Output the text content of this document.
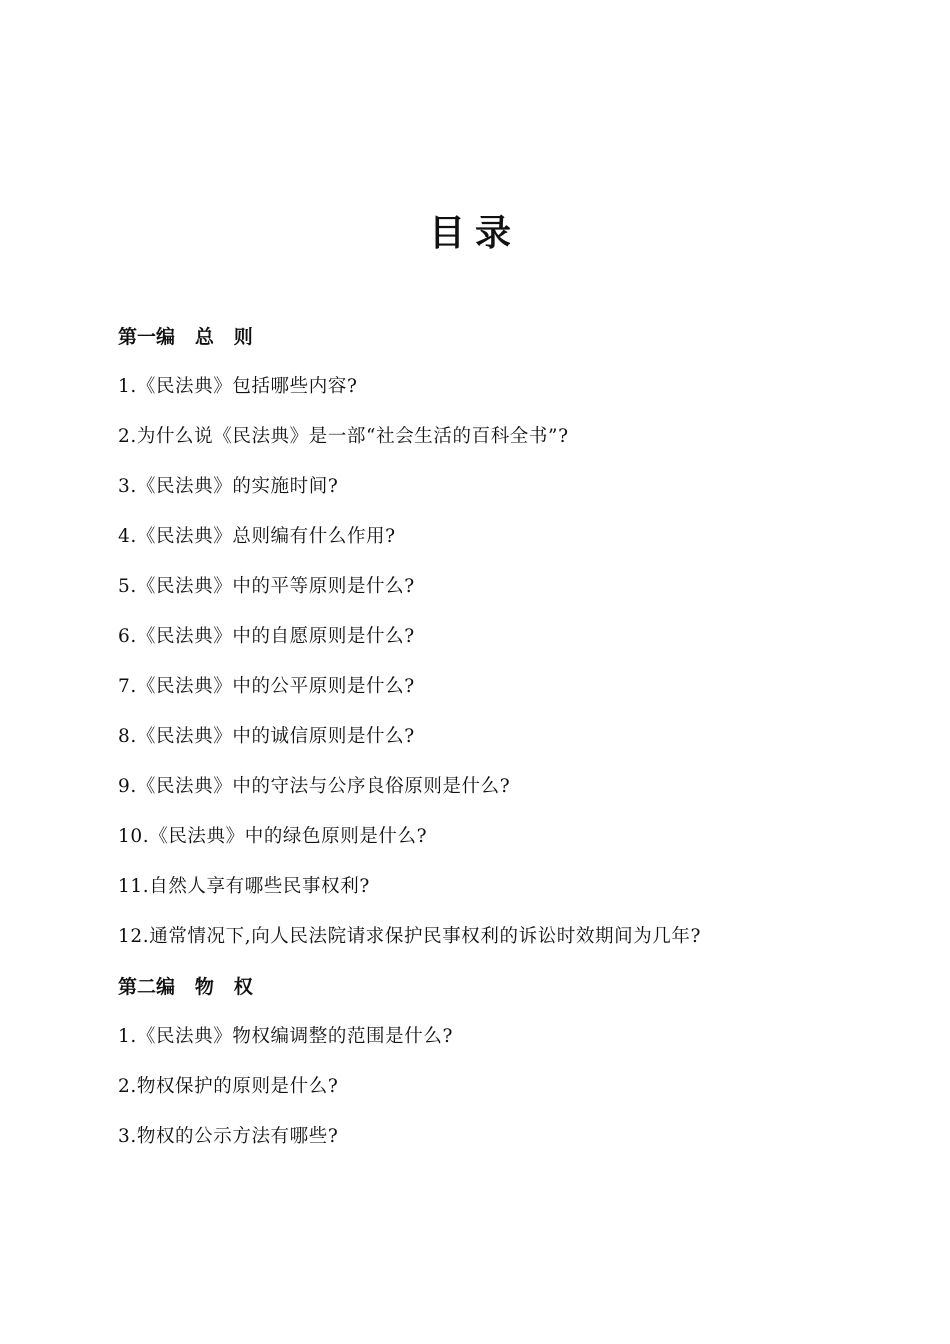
目录
第一编   总   则
1.《民法典》包括哪些内容?
2.为什么说《民法典》是一部“社会生活的百科全书”?
3.《民法典》的实施时间?
4.《民法典》总则编有什么作用?
5.《民法典》中的平等原则是什么?
6.《民法典》中的自愿原则是什么?
7.《民法典》中的公平原则是什么?
8.《民法典》中的诚信原则是什么?
9.《民法典》中的守法与公序良俗原则是什么?
10.《民法典》中的绿色原则是什么?
11.自然人享有哪些民事权利?
12.通常情况下,向人民法院请求保护民事权利的诉讼时效期间为几年?
第二编   物   权
1.《民法典》物权编调整的范围是什么?
2.物权保护的原则是什么?
3.物权的公示方法有哪些?
